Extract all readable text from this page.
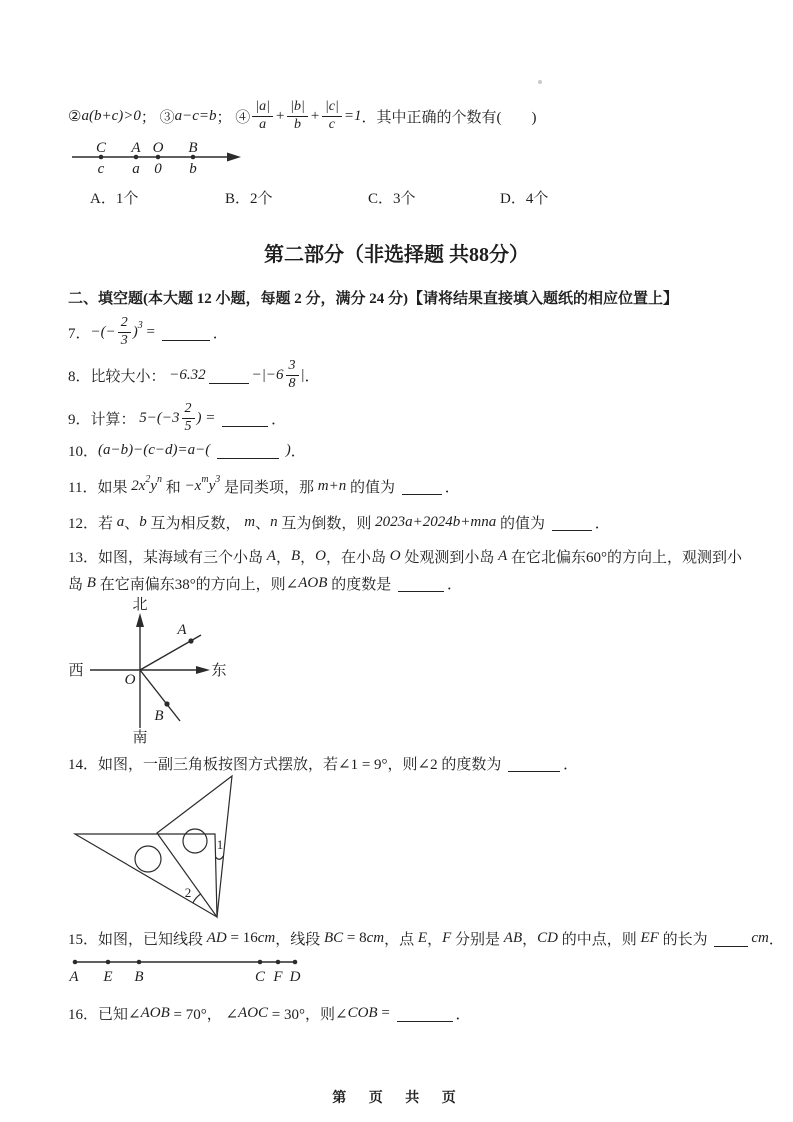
② a(b+c)>0 ； ③ a−c=b ； ④ $\frac{|a|}{a} + \frac{|b|}{b} + \frac{|c|}{c} =1$ ．其中正确的个数有(　　)
C A O B
c a 0 b
A．1个	B．2个	C．3个	D．4个
第二部分（非选择题 共88分）
二、填空题(本大题 12 小题，每题 2 分，满分 24 分)【请将结果直接填入题纸的相应位置上】
7． −(− $\frac{2}{3} )^3$ =	．
8．比较大小： −6.32	$-|-6 \frac{3}{8}$ | ．
9．计算： $5-(-3 \frac{2}{5}$ ) =	．
10． (a−b)−(c−d)=a−(	) ．
11．如果 $2x^2$ $y^n$ 和 $-x^m$ $y^3$ 是同类项，那 m+n 的值为	．
12．若 a 、 b 互为相反数， m 、 n 互为倒数，则 2023a+2024b+mna 的值为	．
13．如图，某海域有三个小岛 A ， B ， O ，在小岛 O 处观测到小岛 A 在它北偏东60°的方向上，观测到小
岛 B 在它南偏东38°的方向上，则∠ AOB 的度数是	．
北
南
西	东
O
A
B
14．如图，一副三角板按图方式摆放，若∠1 = 9°，则∠2 的度数为	．
1
2
15．如图，已知线段 AD = 16 cm ，线段 BC = 8 cm ，点 E ， F 分别是 AB ， CD 的中点，则 EF 的长为	cm ．
A E B	C F D
16．已知∠ AOB = 70°， ∠ AOC = 30°，则∠ COB =	．
第 页 共 页
